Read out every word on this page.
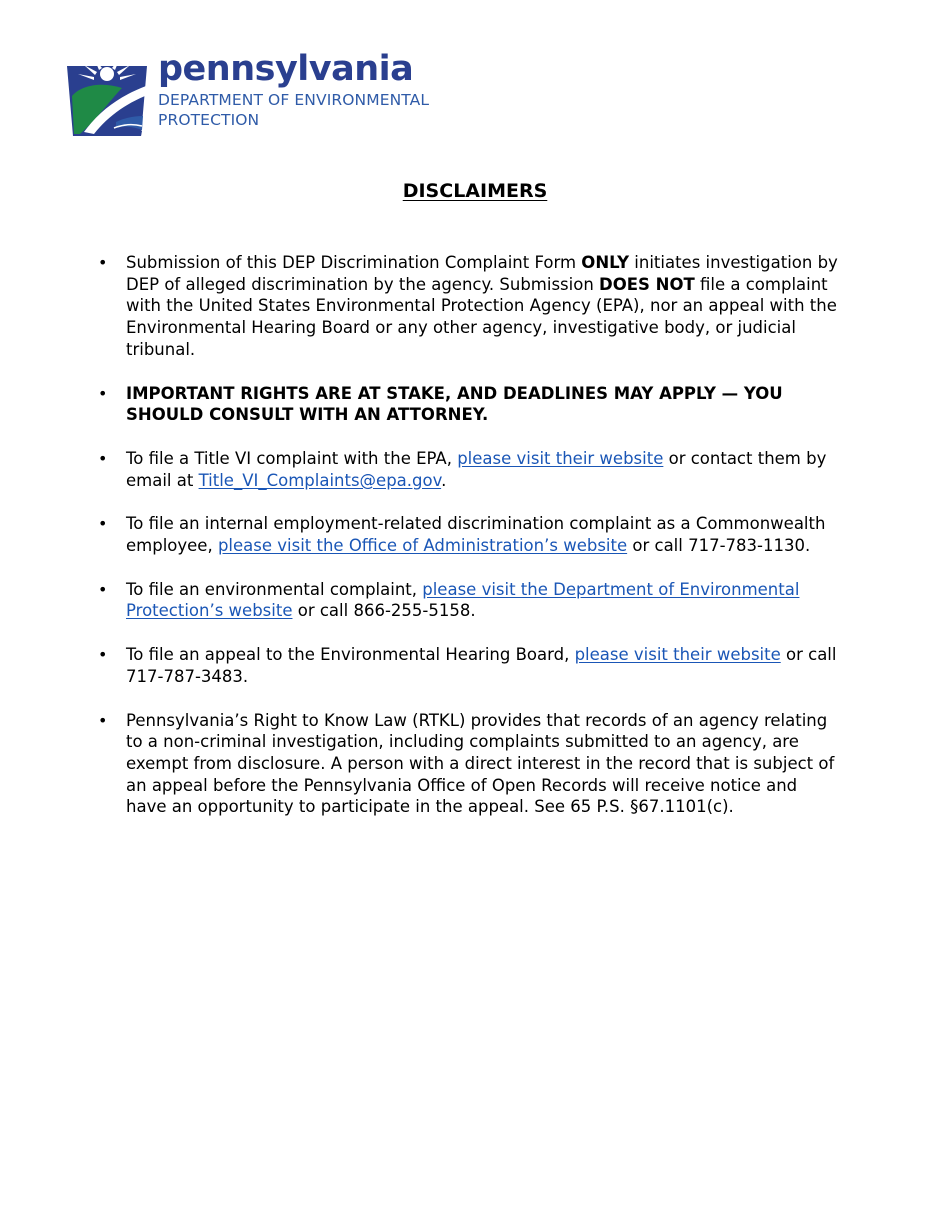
pennsylvania
DEPARTMENT OF ENVIRONMENTAL PROTECTION
DISCLAIMERS
• Submission of this DEP Discrimination Complaint Form ONLY initiates investigation by DEP of alleged discrimination by the agency. Submission DOES NOT file a complaint with the United States Environmental Protection Agency (EPA), nor an appeal with the Environmental Hearing Board or any other agency, investigative body, or judicial tribunal.
• IMPORTANT RIGHTS ARE AT STAKE, AND DEADLINES MAY APPLY — YOU SHOULD CONSULT WITH AN ATTORNEY.
• To file a Title VI complaint with the EPA, please visit their website or contact them by email at Title_VI_Complaints@epa.gov.
• To file an internal employment-related discrimination complaint as a Commonwealth employee, please visit the Office of Administration’s website or call 717-783-1130.
• To file an environmental complaint, please visit the Department of Environmental Protection’s website or call 866-255-5158.
• To file an appeal to the Environmental Hearing Board, please visit their website or call 717-787-3483.
• Pennsylvania’s Right to Know Law (RTKL) provides that records of an agency relating to a non-criminal investigation, including complaints submitted to an agency, are exempt from disclosure. A person with a direct interest in the record that is subject of an appeal before the Pennsylvania Office of Open Records will receive notice and have an opportunity to participate in the appeal. See 65 P.S. §67.1101(c).
